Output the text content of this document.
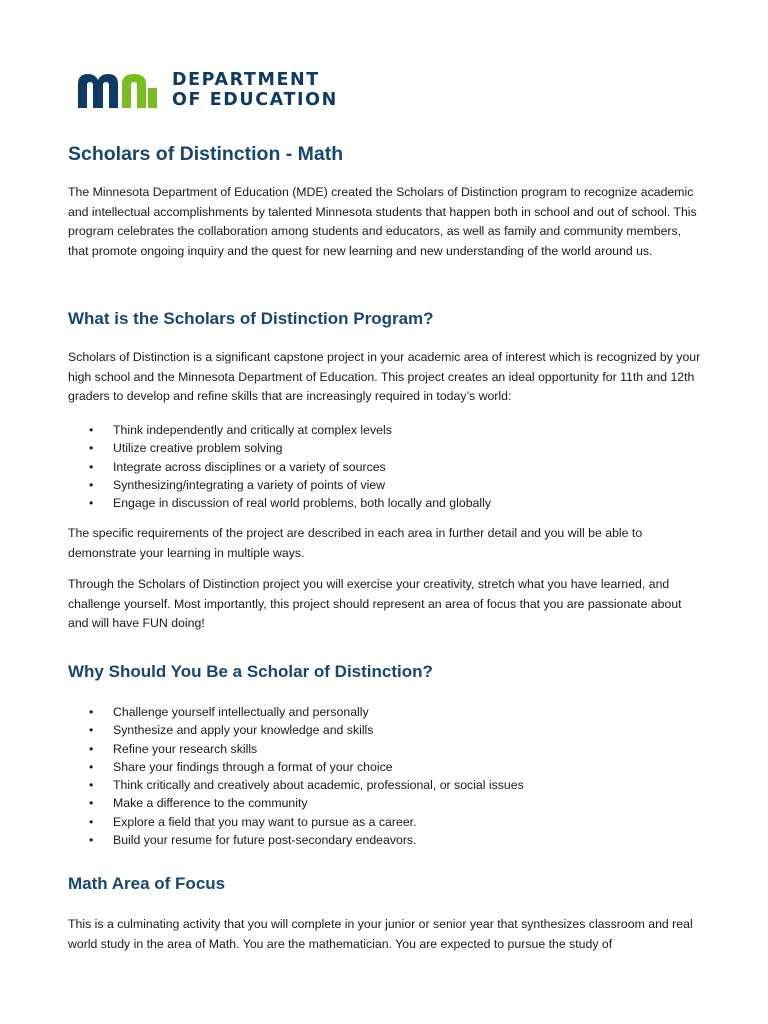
DEPARTMENT
OF EDUCATION
Scholars of Distinction - Math

The Minnesota Department of Education (MDE) created the Scholars of Distinction program to recognize academic and intellectual accomplishments by talented Minnesota students that happen both in school and out of school. This program celebrates the collaboration among students and educators, as well as family and community members, that promote ongoing inquiry and the quest for new learning and new understanding of the world around us.

What is the Scholars of Distinction Program?

Scholars of Distinction is a significant capstone project in your academic area of interest which is recognized by your high school and the Minnesota Department of Education. This project creates an ideal opportunity for 11th and 12th graders to develop and refine skills that are increasingly required in today’s world:

• Think independently and critically at complex levels
• Utilize creative problem solving
• Integrate across disciplines or a variety of sources
• Synthesizing/integrating a variety of points of view
• Engage in discussion of real world problems, both locally and globally

The specific requirements of the project are described in each area in further detail and you will be able to demonstrate your learning in multiple ways.

Through the Scholars of Distinction project you will exercise your creativity, stretch what you have learned, and challenge yourself. Most importantly, this project should represent an area of focus that you are passionate about and will have FUN doing!

Why Should You Be a Scholar of Distinction?
• Challenge yourself intellectually and personally
• Synthesize and apply your knowledge and skills
• Refine your research skills
• Share your findings through a format of your choice
• Think critically and creatively about academic, professional, or social issues
• Make a difference to the community
• Explore a field that you may want to pursue as a career.
• Build your resume for future post-secondary endeavors.
Math Area of Focus

This is a culminating activity that you will complete in your junior or senior year that synthesizes classroom and real world study in the area of Math. You are the mathematician. You are expected to pursue the study of
